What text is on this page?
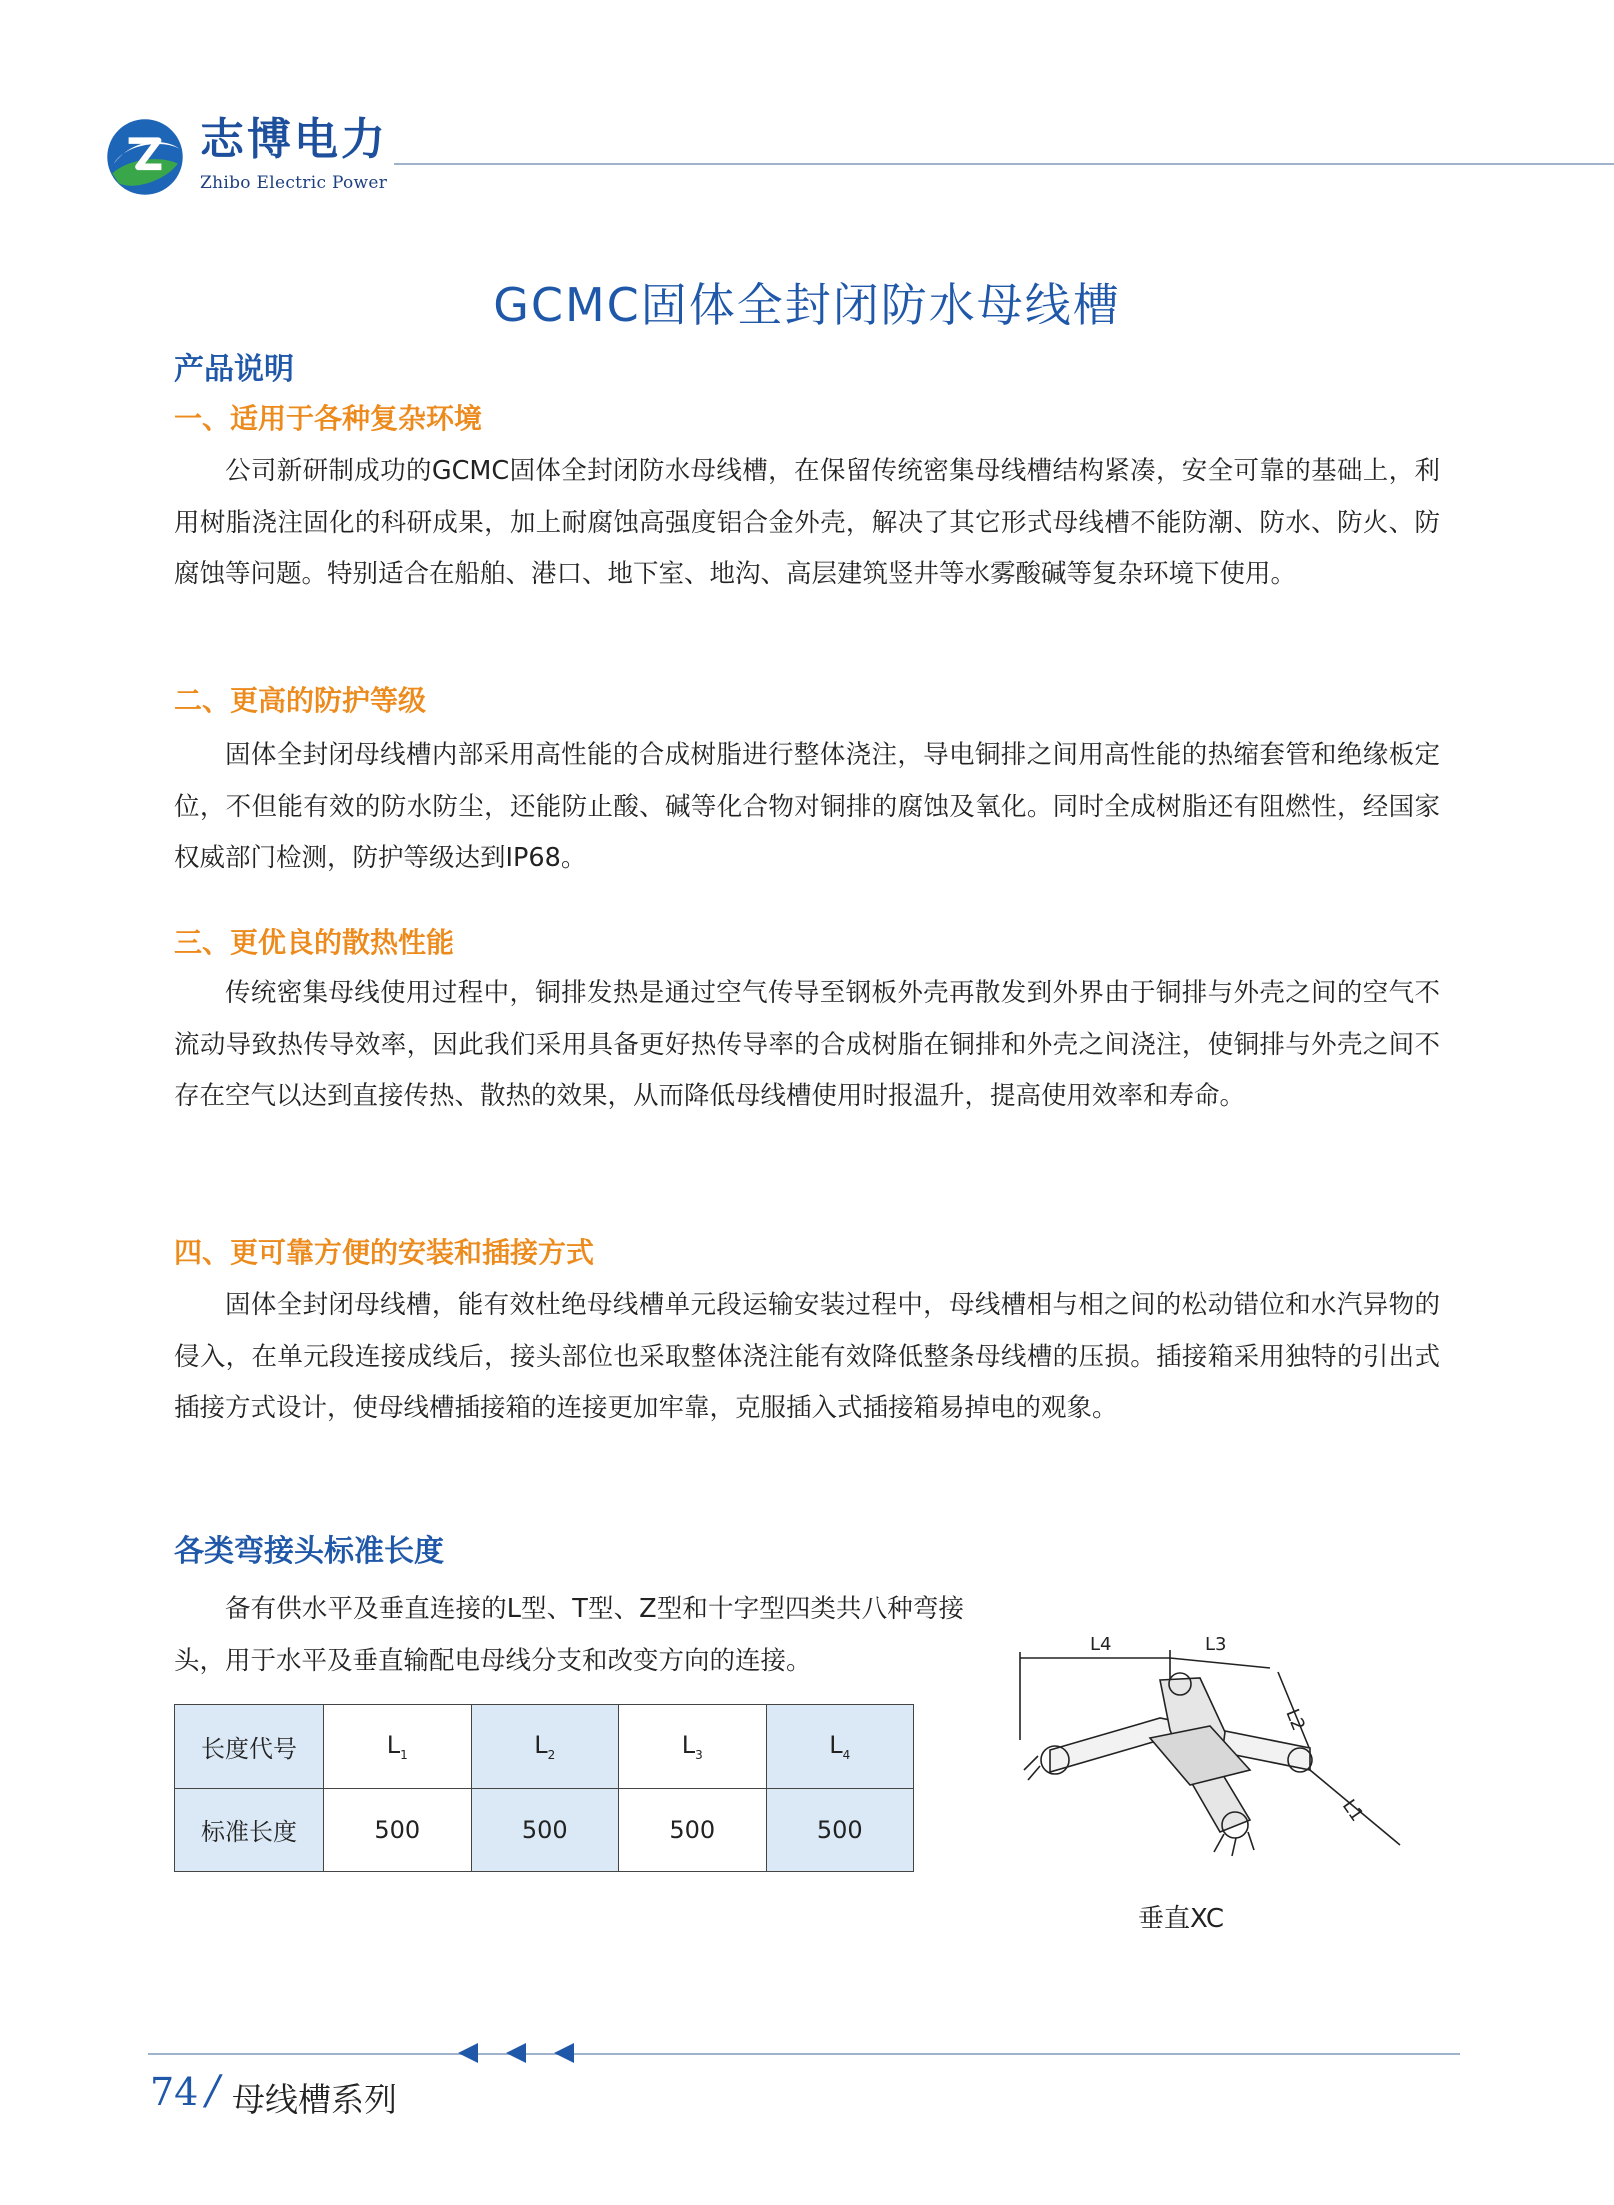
志博电力
Zhibo Electric Power
GCMC固体全封闭防水母线槽
产品说明
一、适用于各种复杂环境

公司新研制成功的GCMC固体全封闭防水母线槽，在保留传统密集母线槽结构紧凑，安全可靠的基础上，利用树脂浇注固化的科研成果，加上耐腐蚀高强度铝合金外壳，解决了其它形式母线槽不能防潮、防水、防火、防腐蚀等问题。特别适合在船舶、港口、地下室、地沟、高层建筑竖井等水雾酸碱等复杂环境下使用。

二、更高的防护等级

固体全封闭母线槽内部采用高性能的合成树脂进行整体浇注，导电铜排之间用高性能的热缩套管和绝缘板定位，不但能有效的防水防尘，还能防止酸、碱等化合物对铜排的腐蚀及氧化。同时全成树脂还有阻燃性，经国家权威部门检测，防护等级达到IP68。

三、更优良的散热性能

传统密集母线使用过程中，铜排发热是通过空气传导至钢板外壳再散发到外界由于铜排与外壳之间的空气不流动导致热传导效率，因此我们采用具备更好热传导率的合成树脂在铜排和外壳之间浇注，使铜排与外壳之间不存在空气以达到直接传热、散热的效果，从而降低母线槽使用时报温升，提高使用效率和寿命。

四、更可靠方便的安装和插接方式

固体全封闭母线槽，能有效杜绝母线槽单元段运输安装过程中，母线槽相与相之间的松动错位和水汽异物的侵入，在单元段连接成线后，接头部位也采取整体浇注能有效降低整条母线槽的压损。插接箱采用独特的引出式插接方式设计，使母线槽插接箱的连接更加牢靠，克服插入式插接箱易掉电的观象。

各类弯接头标准长度

备有供水平及垂直连接的L型、T型、Z型和十字型四类共八种弯接头，用于水平及垂直输配电母线分支和改变方向的连接。

长度代号	$L_1$	$L_2$	$L_3$	$L_4$
标准长度	500	500	500	500
L4	L3
L2
L1
垂直XC
74 / 母线槽系列
